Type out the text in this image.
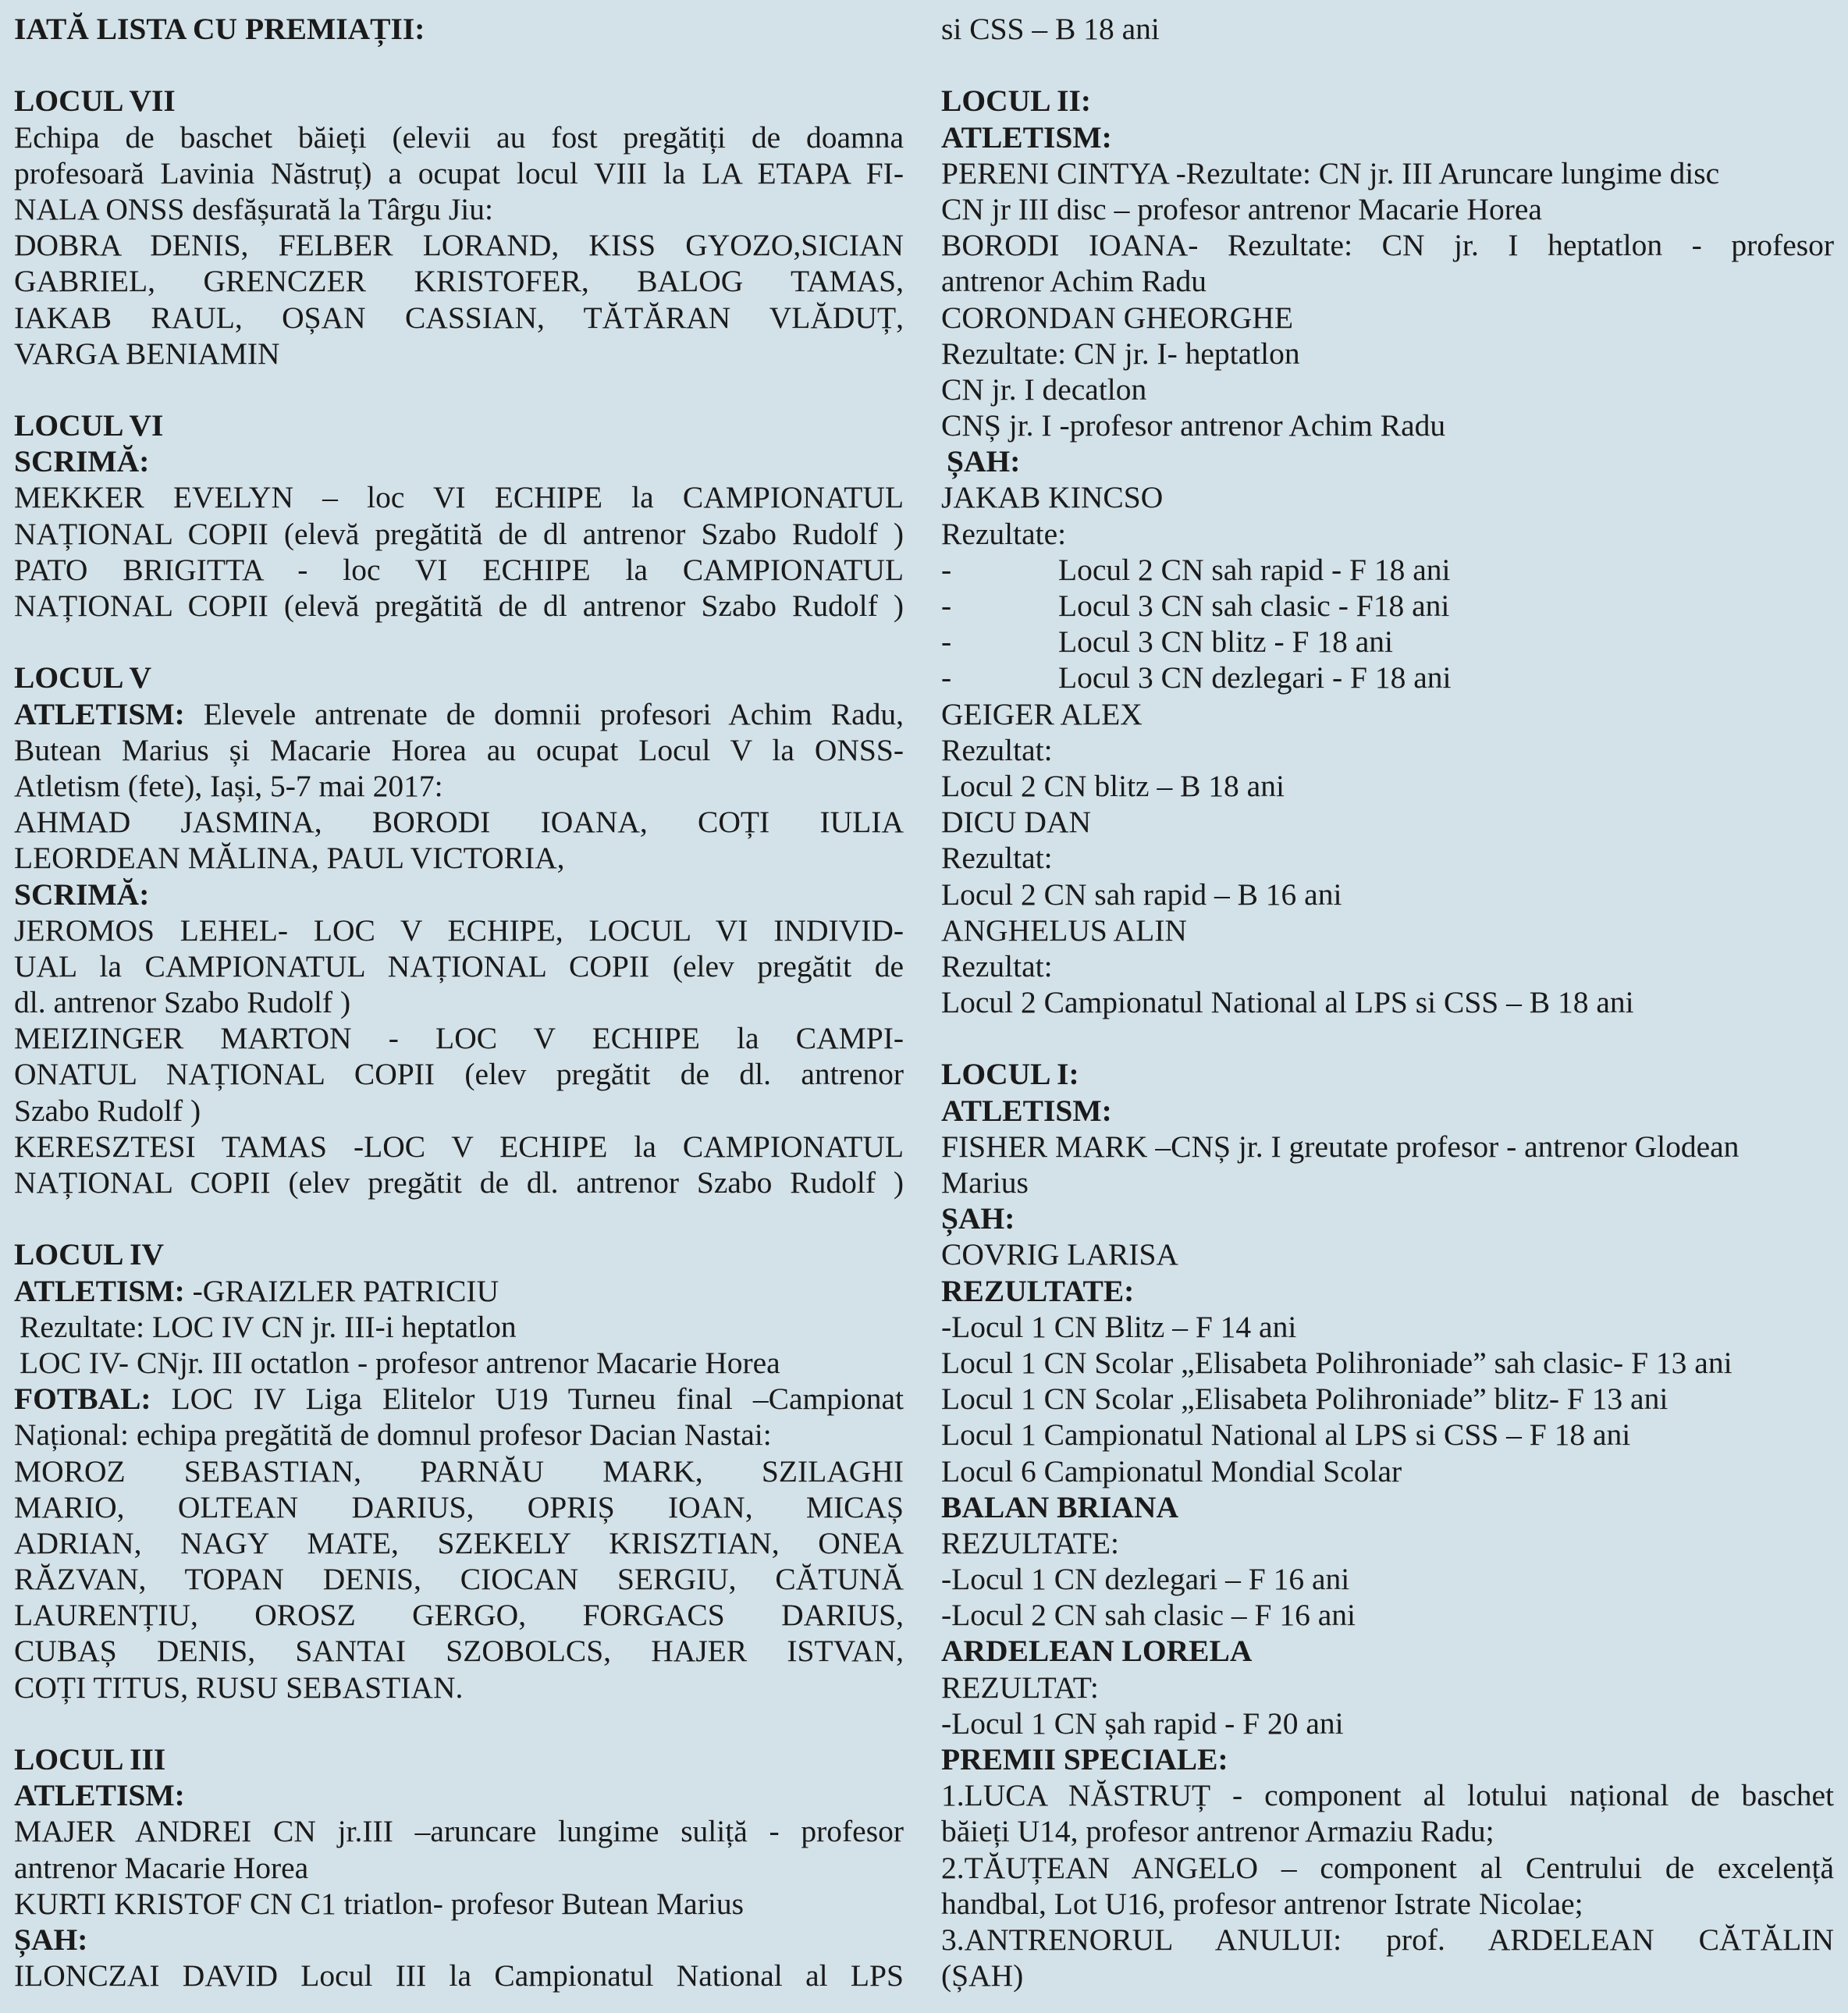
IATĂ LISTA CU PREMIAȚII:
LOCUL VII
Echipa de baschet băieți (elevii au fost pregătiți de doamna
profesoară Lavinia Năstruț) a ocupat locul VIII la LA ETAPA FI-
NALA ONSS desfășurată la Târgu Jiu:
DOBRA DENIS, FELBER LORAND, KISS GYOZO,SICIAN
GABRIEL, GRENCZER KRISTOFER, BALOG TAMAS,
IAKAB RAUL, OȘAN CASSIAN, TĂTĂRAN VLĂDUȚ,
VARGA BENIAMIN
LOCUL VI
SCRIMĂ:
MEKKER EVELYN – loc VI ECHIPE la CAMPIONATUL
NAȚIONAL COPII (elevă pregătită de dl antrenor Szabo Rudolf )
PATO BRIGITTA - loc VI ECHIPE la CAMPIONATUL
NAȚIONAL COPII (elevă pregătită de dl antrenor Szabo Rudolf )
LOCUL V
ATLETISM: Elevele antrenate de domnii profesori Achim Radu,
Butean Marius și Macarie Horea au ocupat Locul V la ONSS-
Atletism (fete), Iași, 5-7 mai 2017:
AHMAD JASMINA, BORODI IOANA, COȚI IULIA
LEORDEAN MĂLINA, PAUL VICTORIA,
SCRIMĂ:
JEROMOS LEHEL- LOC V ECHIPE, LOCUL VI INDIVID-
UAL la CAMPIONATUL NAȚIONAL COPII (elev pregătit de
dl. antrenor Szabo Rudolf )
MEIZINGER MARTON - LOC V ECHIPE la CAMPI-
ONATUL NAȚIONAL COPII (elev pregătit de dl. antrenor
Szabo Rudolf )
KERESZTESI TAMAS -LOC V ECHIPE la CAMPIONATUL
NAȚIONAL COPII (elev pregătit de dl. antrenor Szabo Rudolf )
LOCUL IV
ATLETISM: -GRAIZLER PATRICIU
Rezultate: LOC IV CN jr. III-i heptatlon
LOC IV- CNjr. III octatlon - profesor antrenor Macarie Horea
FOTBAL: LOC IV Liga Elitelor U19 Turneu final –Campionat
Național: echipa pregătită de domnul profesor Dacian Nastai:
MOROZ SEBASTIAN, PARNĂU MARK, SZILAGHI
MARIO, OLTEAN DARIUS, OPRIȘ IOAN, MICAȘ
ADRIAN, NAGY MATE, SZEKELY KRISZTIAN, ONEA
RĂZVAN, TOPAN DENIS, CIOCAN SERGIU, CĂTUNĂ
LAURENȚIU, OROSZ GERGO, FORGACS DARIUS,
CUBAȘ DENIS, SANTAI SZOBOLCS, HAJER ISTVAN,
COȚI TITUS, RUSU SEBASTIAN.
LOCUL III
ATLETISM:
MAJER ANDREI CN jr.III –aruncare lungime suliță - profesor
antrenor Macarie Horea
KURTI KRISTOF CN C1 triatlon- profesor Butean Marius
ȘAH:
ILONCZAI DAVID Locul III la Campionatul National al LPS
si CSS – B 18 ani
LOCUL II:
ATLETISM:
PERENI CINTYA -Rezultate: CN jr. III Aruncare lungime disc
CN jr III disc – profesor antrenor Macarie Horea
BORODI IOANA- Rezultate: CN jr. I heptatlon - profesor
antrenor Achim Radu
CORONDAN GHEORGHE
Rezultate: CN jr. I- heptatlon
CN jr. I decatlon
CNȘ jr. I -profesor antrenor Achim Radu
ȘAH:
JAKAB KINCSO
Rezultate:
-	Locul 2 CN sah rapid - F 18 ani
-	Locul 3 CN sah clasic - F18 ani
-	Locul 3 CN blitz - F 18 ani
-	Locul 3 CN dezlegari - F 18 ani
GEIGER ALEX
Rezultat:
Locul 2 CN blitz – B 18 ani
DICU DAN
Rezultat:
Locul 2 CN sah rapid – B 16 ani
ANGHELUS ALIN
Rezultat:
Locul 2 Campionatul National al LPS si CSS – B 18 ani
LOCUL I:
ATLETISM:
FISHER MARK –CNȘ jr. I greutate profesor - antrenor Glodean
Marius
ȘAH:
COVRIG LARISA
REZULTATE:
-Locul 1 CN Blitz – F 14 ani
Locul 1 CN Scolar „Elisabeta Polihroniade” sah clasic- F 13 ani
Locul 1 CN Scolar „Elisabeta Polihroniade” blitz- F 13 ani
Locul 1 Campionatul National al LPS si CSS – F 18 ani
Locul 6 Campionatul Mondial Scolar
BALAN BRIANA
REZULTATE:
-Locul 1 CN dezlegari – F 16 ani
-Locul 2 CN sah clasic – F 16 ani
ARDELEAN LORELA
REZULTAT:
-Locul 1 CN șah rapid - F 20 ani
PREMII SPECIALE:
1.LUCA NĂSTRUȚ - component al lotului național de baschet
băieți U14, profesor antrenor Armaziu Radu;
2.TĂUȚEAN ANGELO – component al Centrului de excelență
handbal, Lot U16, profesor antrenor Istrate Nicolae;
3.ANTRENORUL ANULUI: prof. ARDELEAN CĂTĂLIN
(ȘAH)
